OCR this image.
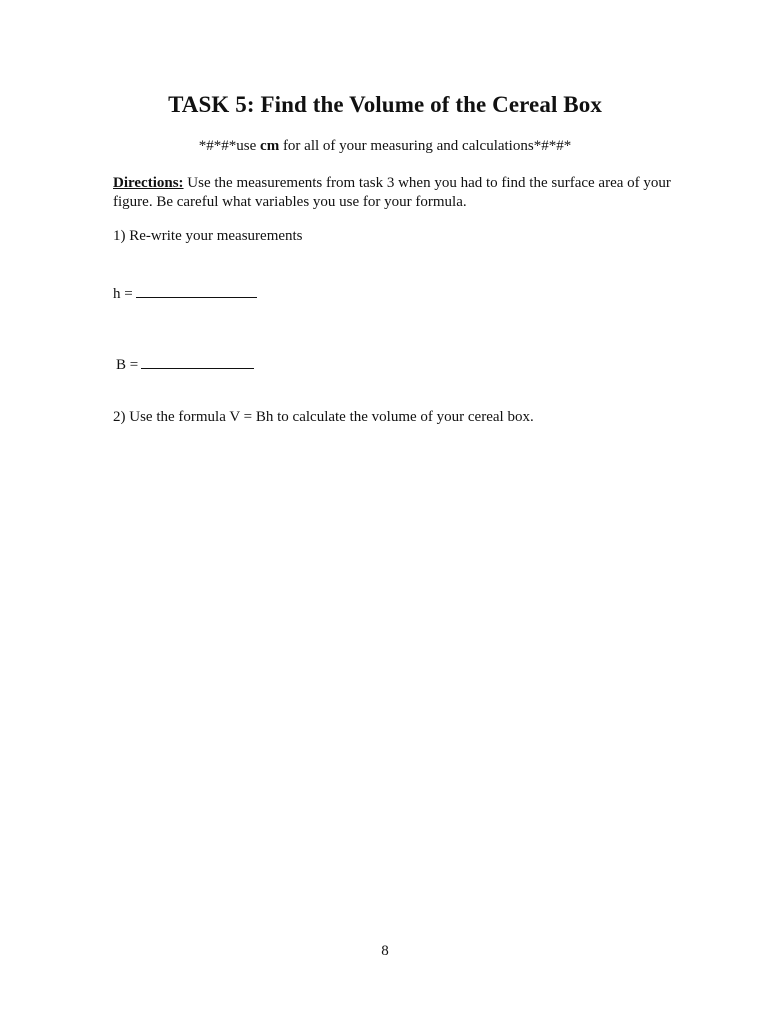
TASK 5: Find the Volume of the Cereal Box
*#*#*use cm for all of your measuring and calculations*#*#*
Directions: Use the measurements from task 3 when you had to find the surface area of your figure. Be careful what variables you use for your formula.
1) Re-write your measurements
h =
B =
2) Use the formula V = Bh to calculate the volume of your cereal box.
8
